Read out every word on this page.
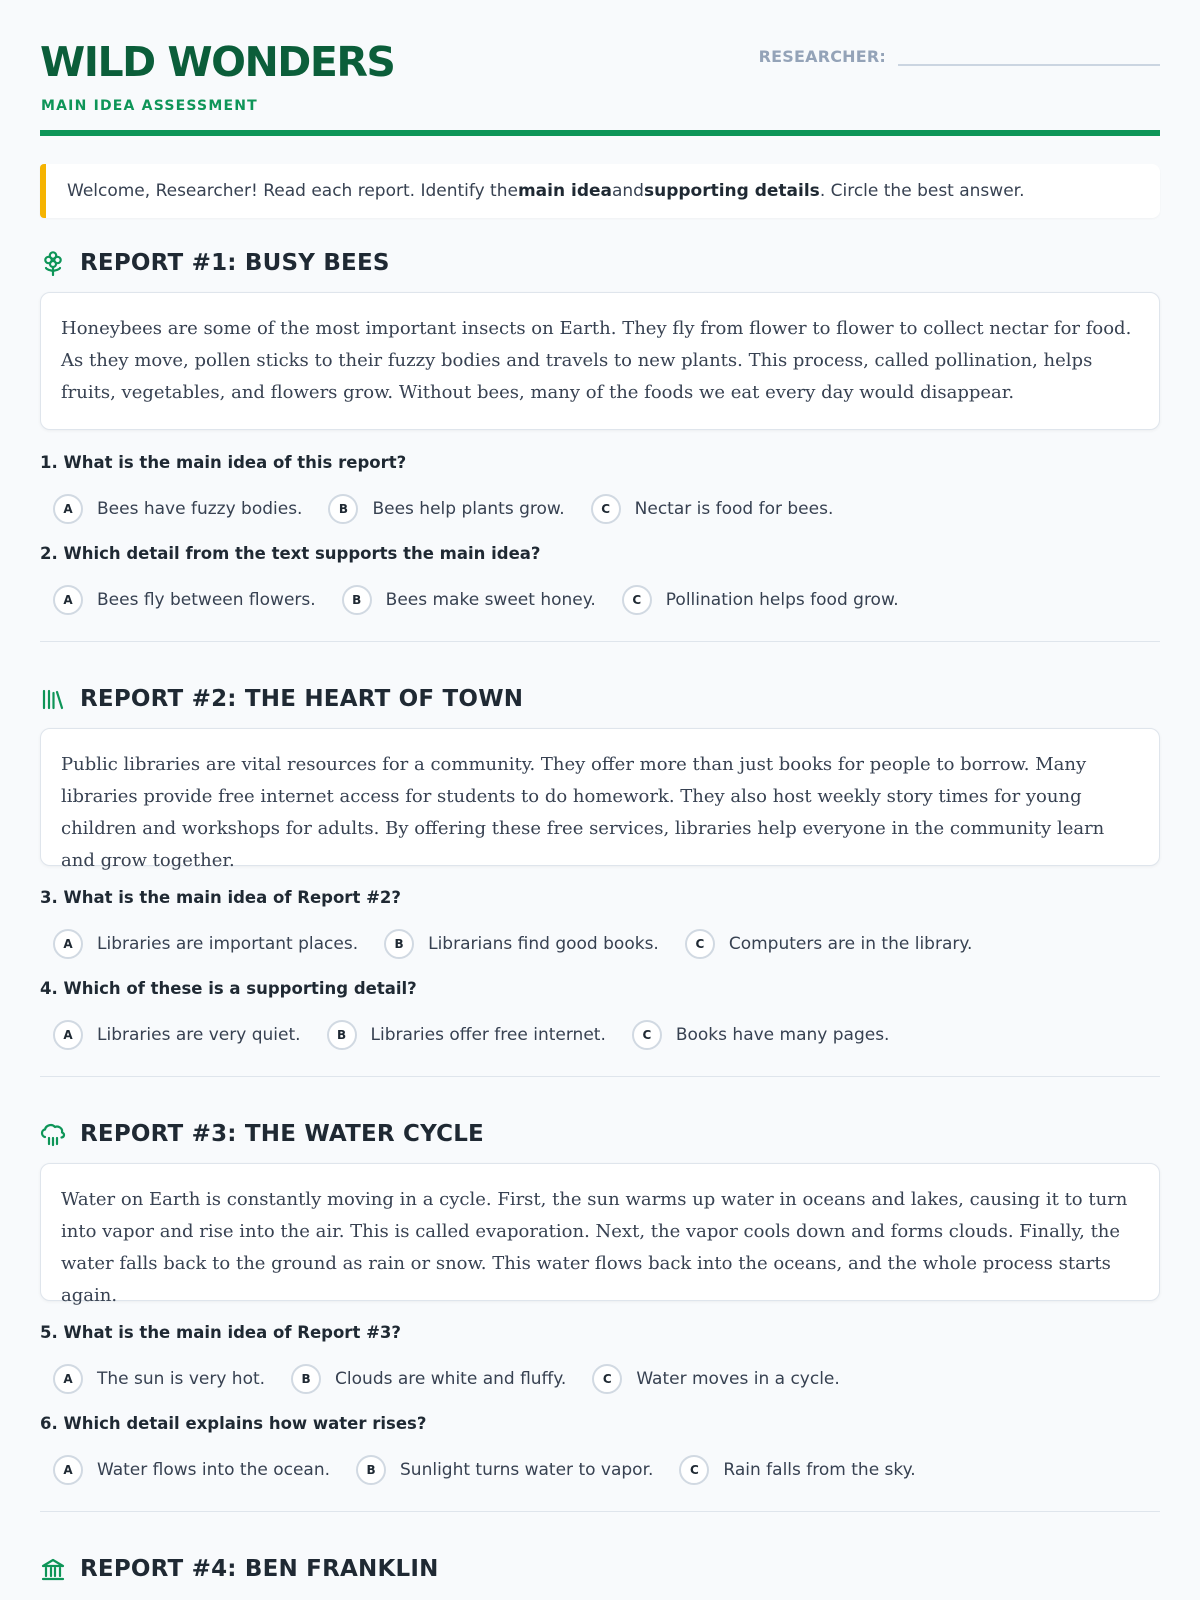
WILD WONDERS
MAIN IDEA ASSESSMENT
RESEARCHER:
Welcome, Researcher! Read each report. Identify the main idea and supporting details . Circle the best answer.
REPORT #1: BUSY BEES
Honeybees are some of the most important insects on Earth. They fly from flower to flower to collect nectar for food. As they move, pollen sticks to their fuzzy bodies and travels to new plants. This process, called pollination, helps fruits, vegetables, and flowers grow. Without bees, many of the foods we eat every day would disappear.
1. What is the main idea of this report?
A	Bees have fuzzy bodies.	B	Bees help plants grow.	C	Nectar is food for bees.
2. Which detail from the text supports the main idea?
A	Bees fly between flowers.	B	Bees make sweet honey.	C	Pollination helps food grow.
REPORT #2: THE HEART OF TOWN
Public libraries are vital resources for a community. They offer more than just books for people to borrow. Many libraries provide free internet access for students to do homework. They also host weekly story times for young children and workshops for adults. By offering these free services, libraries help everyone in the community learn and grow together.
3. What is the main idea of Report #2?
A	Libraries are important places.	B	Librarians find good books.	C	Computers are in the library.
4. Which of these is a supporting detail?
A	Libraries are very quiet.	B	Libraries offer free internet.	C	Books have many pages.
REPORT #3: THE WATER CYCLE
Water on Earth is constantly moving in a cycle. First, the sun warms up water in oceans and lakes, causing it to turn into vapor and rise into the air. This is called evaporation. Next, the vapor cools down and forms clouds. Finally, the water falls back to the ground as rain or snow. This water flows back into the oceans, and the whole process starts again.
5. What is the main idea of Report #3?
A	The sun is very hot.	B	Clouds are white and fluffy.	C	Water moves in a cycle.
6. Which detail explains how water rises?
A	Water flows into the ocean.	B	Sunlight turns water to vapor.	C	Rain falls from the sky.
REPORT #4: BEN FRANKLIN
